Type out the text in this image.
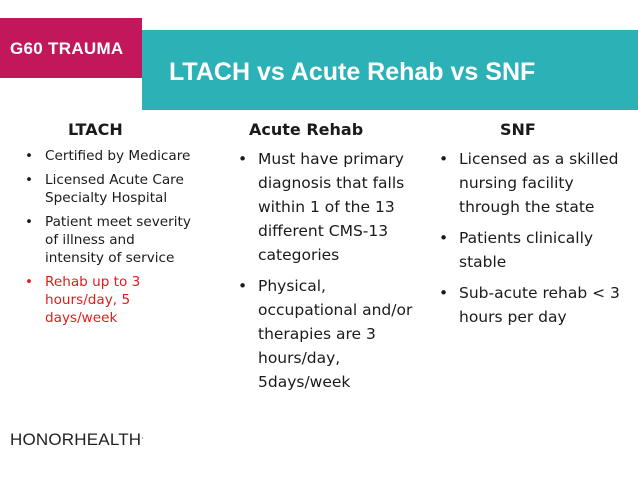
G60 TRAUMA
LTACH vs Acute Rehab vs SNF
LTACH
• Certified by Medicare
• Licensed Acute Care Specialty Hospital
• Patient meet severity of illness and intensity of service
• Rehab up to 3 hours/day, 5 days/week
Acute Rehab
• Must have primary diagnosis that falls within 1 of the 13 different CMS-13 categories
• Physical, occupational and/or therapies are 3 hours/day, 5days/week
SNF
• Licensed as a skilled nursing facility through the state
• Patients clinically stable
• Sub-acute rehab < 3 hours per day
HONORHEALTH.
